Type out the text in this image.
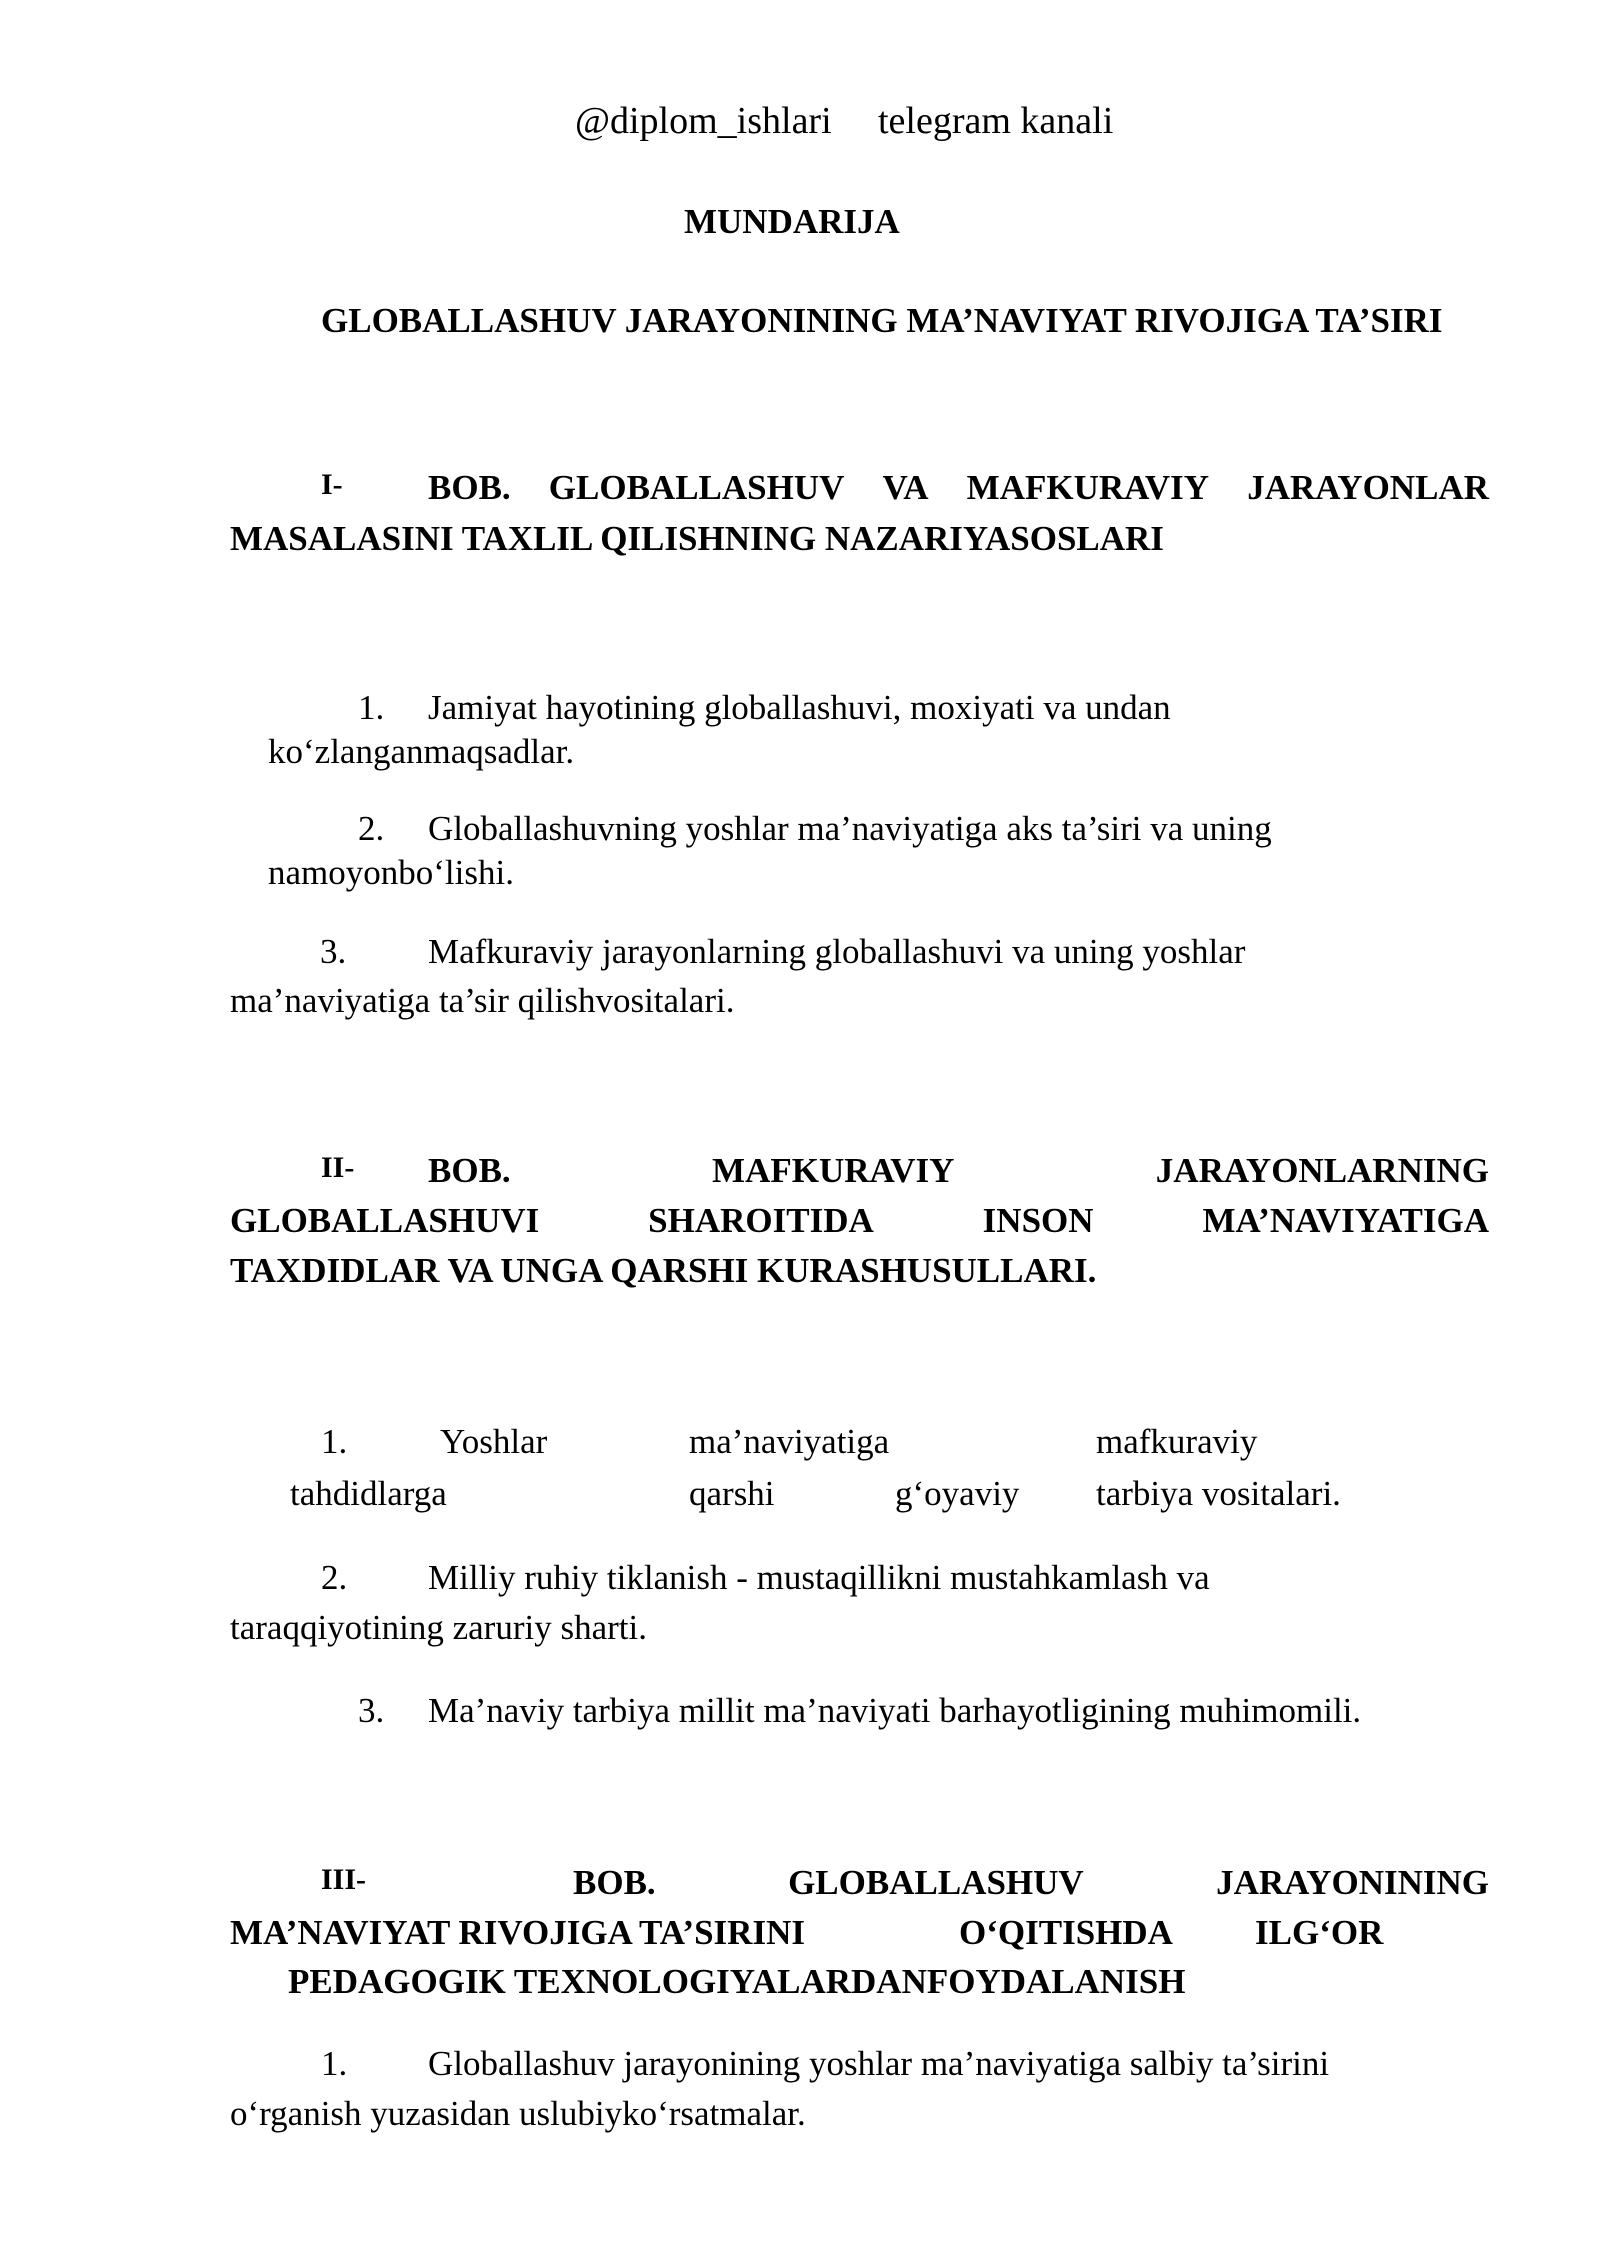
@diplom_ishlari telegram kanali
MUNDARIJA
GLOBALLASHUV JARAYONINING MA’NAVIYAT RIVOJIGA TA’SIRI
I- BOB. GLOBALLASHUV VA MAFKURAVIY JARAYONLAR
MASALASINI TAXLIL QILISHNING NAZARIYASOSLARI
1. Jamiyat hayotining globallashuvi, moxiyati va undan
ko‘zlanganmaqsadlar.
2. Globallashuvning yoshlar ma’naviyatiga aks ta’siri va uning
namoyonbo‘lishi.
3. Mafkuraviy jarayonlarning globallashuvi va uning yoshlar
ma’naviyatiga ta’sir qilishvositalari.
II- BOB.	MAFKURAVIY	JARAYONLARNING
GLOBALLASHUVI	SHAROITIDA	INSON	MA’NAVIYATIGA
TAXDIDLAR VA UNGA QARSHI KURASHUSULLARI.
1.	Yoshlar	ma’naviyatiga	mafkuraviy
tahdidlarga	qarshi	g‘oyaviy tarbiya vositalari.
2. Milliy ruhiy tiklanish - mustaqillikni mustahkamlash va
taraqqiyotining zaruriy sharti.
3. Ma’naviy tarbiya millit ma’naviyati barhayotligining muhimomili.
III-	BOB.	GLOBALLASHUV	JARAYONINING
MA’NAVIYAT RIVOJIGA TA’SIRINI	O‘QITISHDA ILG‘OR
PEDAGOGIK TEXNOLOGIYALARDANFOYDALANISH
1. Globallashuv jarayonining yoshlar ma’naviyatiga salbiy ta’sirini
o‘rganish yuzasidan uslubiyko‘rsatmalar.
